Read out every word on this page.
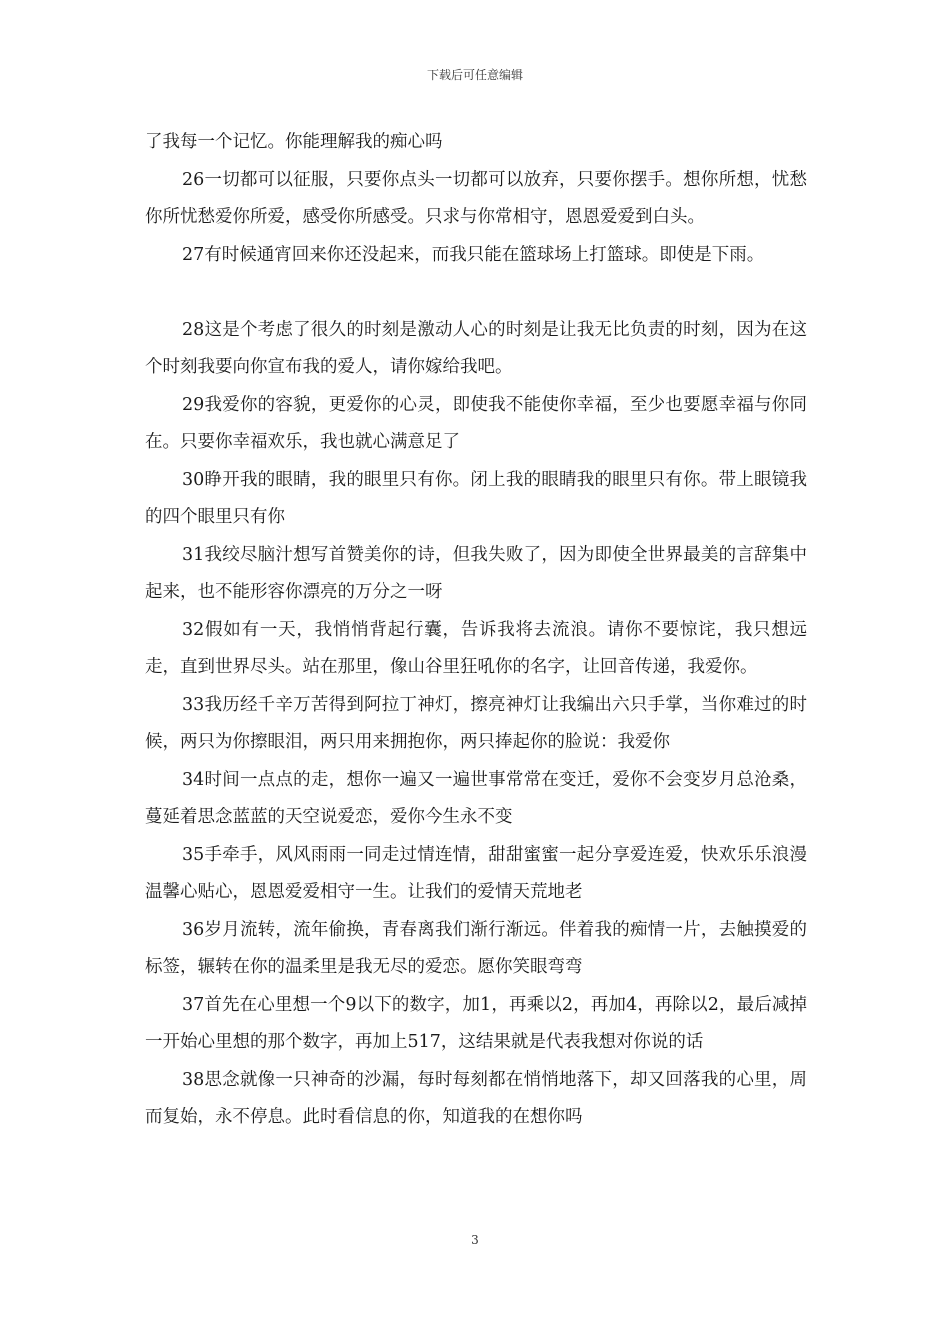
下载后可任意编辑

了我每一个记忆。你能理解我的痴心吗

26一切都可以征服，只要你点头一切都可以放弃，只要你摆手。想你所想，忧愁你所忧愁爱你所爱，感受你所感受。只求与你常相守，恩恩爱爱到白头。

27有时候通宵回来你还没起来，而我只能在篮球场上打篮球。即使是下雨。

28这是个考虑了很久的时刻是激动人心的时刻是让我无比负责的时刻，因为在这个时刻我要向你宣布我的爱人，请你嫁给我吧。

29我爱你的容貌，更爱你的心灵，即使我不能使你幸福，至少也要愿幸福与你同在。只要你幸福欢乐，我也就心满意足了

30睁开我的眼睛，我的眼里只有你。闭上我的眼睛我的眼里只有你。带上眼镜我的四个眼里只有你

31我绞尽脑汁想写首赞美你的诗，但我失败了，因为即使全世界最美的言辞集中起来，也不能形容你漂亮的万分之一呀

32假如有一天，我悄悄背起行囊，告诉我将去流浪。请你不要惊诧，我只想远走，直到世界尽头。站在那里，像山谷里狂吼你的名字，让回音传递，我爱你。

33我历经千辛万苦得到阿拉丁神灯，擦亮神灯让我编出六只手掌，当你难过的时候，两只为你擦眼泪，两只用来拥抱你，两只捧起你的脸说：我爱你

34时间一点点的走，想你一遍又一遍世事常常在变迁，爱你不会变岁月总沧桑，蔓延着思念蓝蓝的天空说爱恋，爱你今生永不变

35手牵手，风风雨雨一同走过情连情，甜甜蜜蜜一起分享爱连爱，快欢乐乐浪漫温馨心贴心，恩恩爱爱相守一生。让我们的爱情天荒地老

36岁月流转，流年偷换，青春离我们渐行渐远。伴着我的痴情一片，去触摸爱的标签，辗转在你的温柔里是我无尽的爱恋。愿你笑眼弯弯

37首先在心里想一个9以下的数字，加1，再乘以2，再加4，再除以2，最后减掉一开始心里想的那个数字，再加上517，这结果就是代表我想对你说的话

38思念就像一只神奇的沙漏，每时每刻都在悄悄地落下，却又回落我的心里，周而复始，永不停息。此时看信息的你，知道我的在想你吗

3
